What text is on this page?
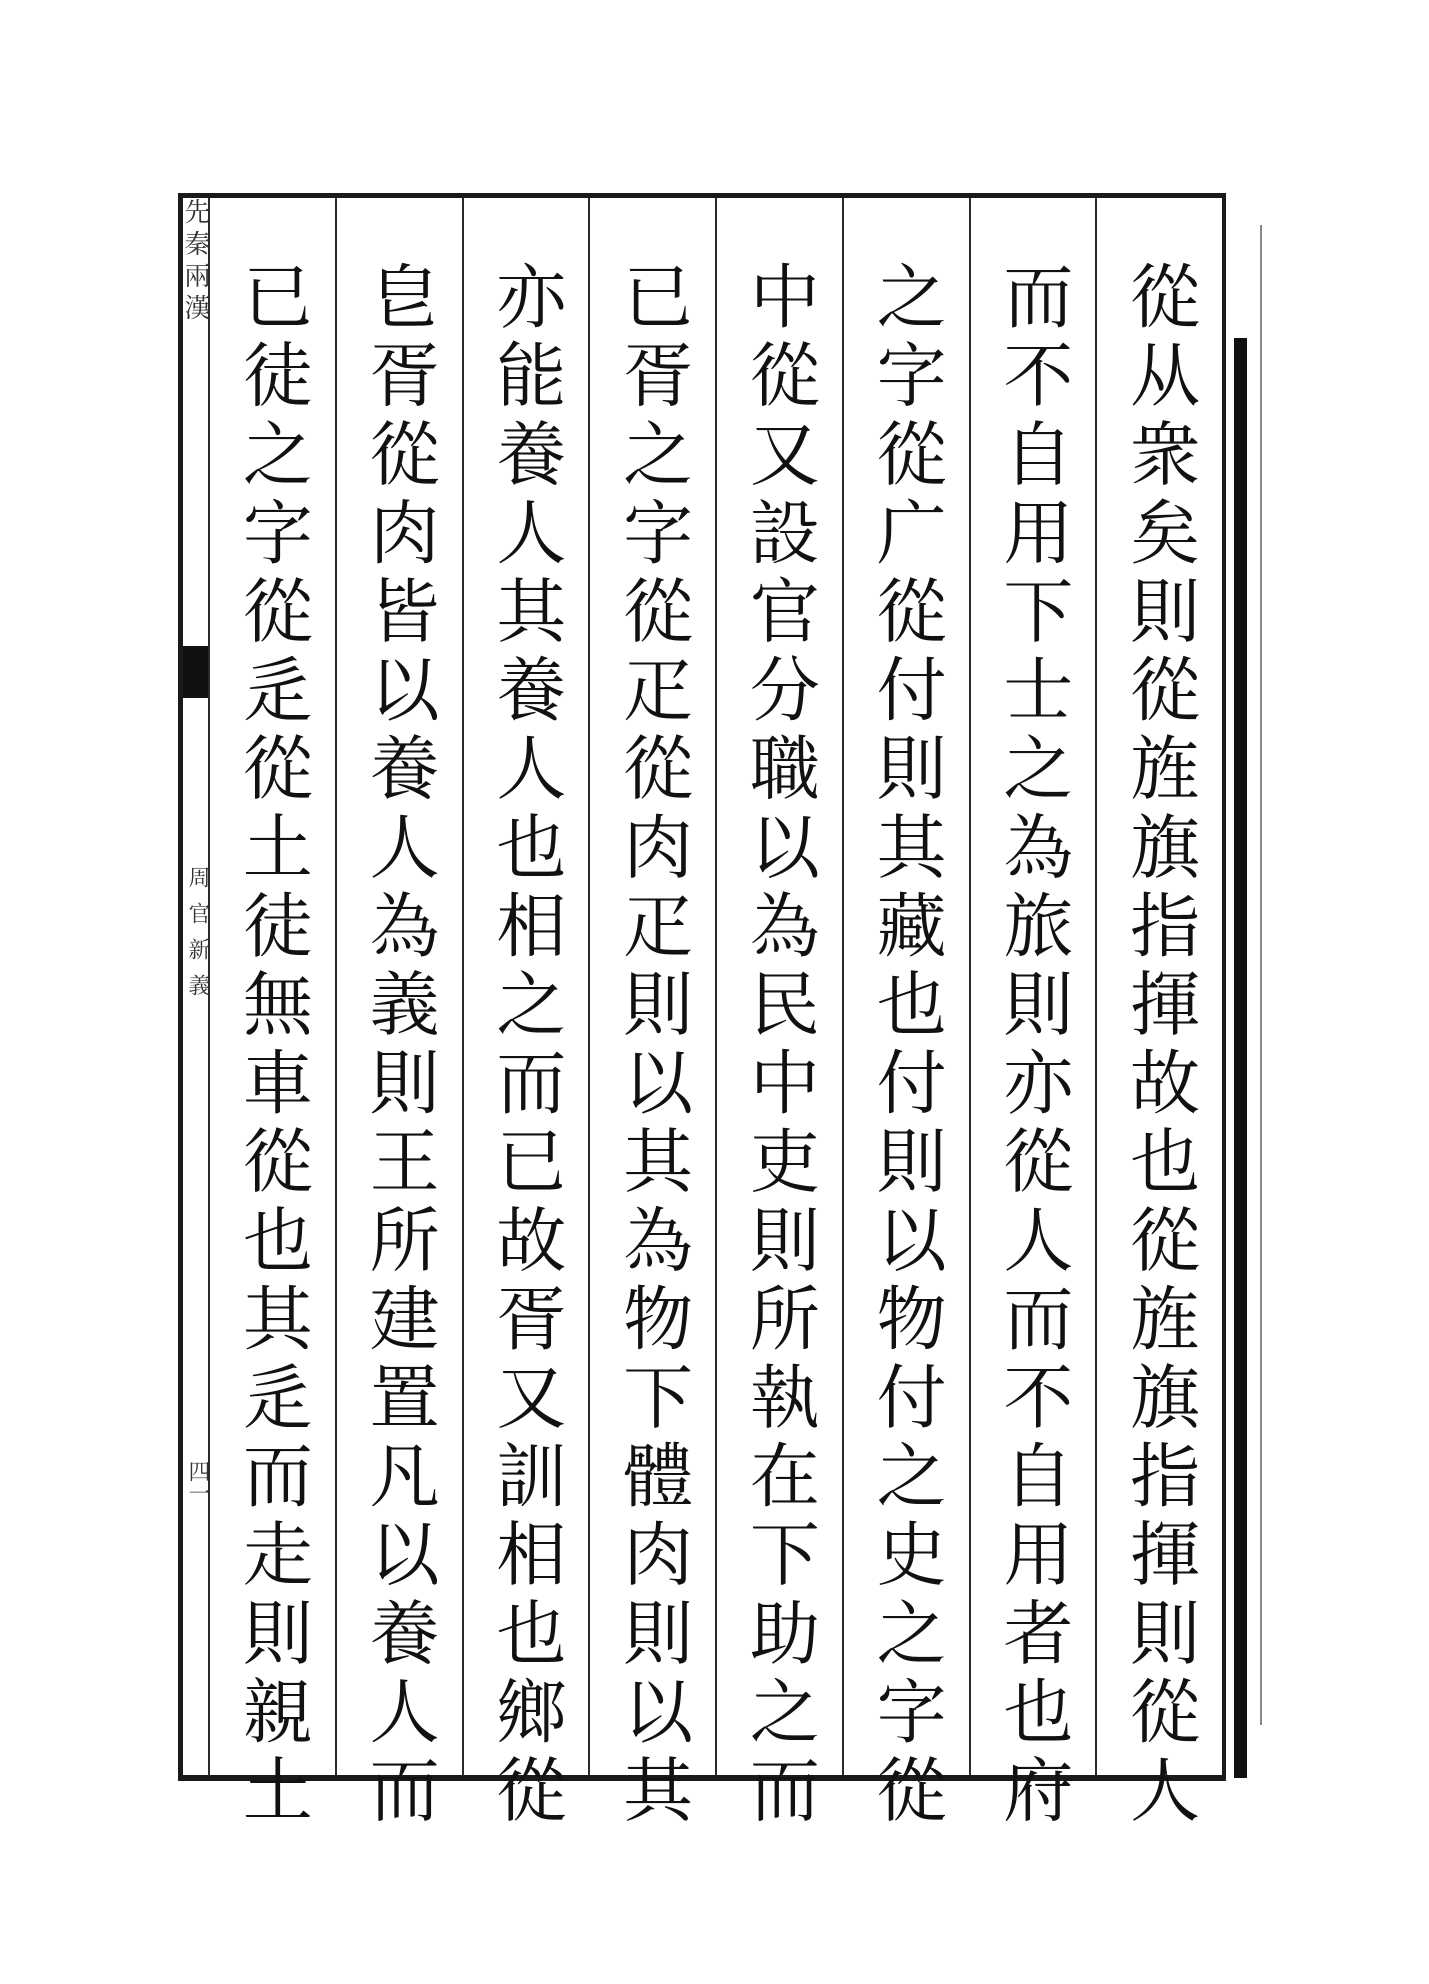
先秦兩漢
周官新義
四一	從从衆矣則從旌旗指揮故也從旌旗指揮則從人
而不自用下士之為旅則亦從人而不自用者也府
之字從广從付則其藏也付則以物付之史之字從
中從又設官分職以為民中吏則所執在下助之而
已胥之字從疋從肉疋則以其為物下體肉則以其
亦能養人其養人也相之而已故胥又訓相也鄉從
皀胥從肉皆以養人為義則王所建置凡以養人而
已徒之字從辵從土徒無車從也其辵而走則親土
